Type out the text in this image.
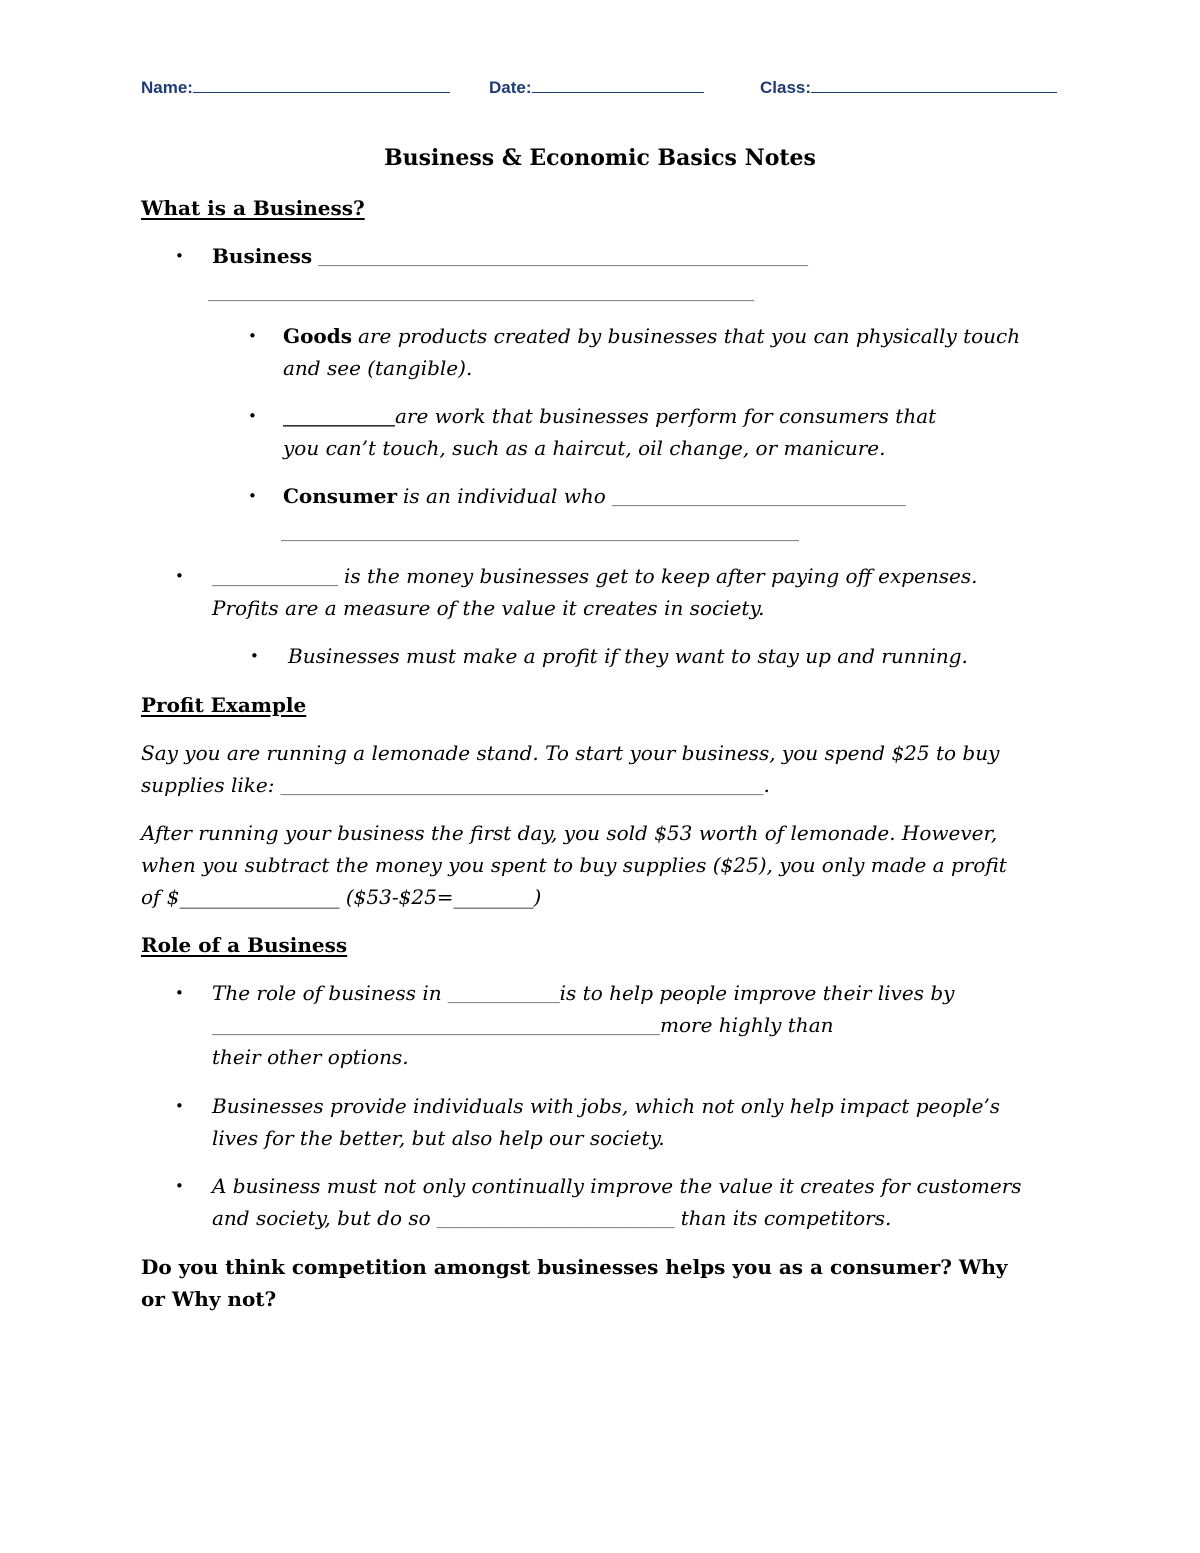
Name:	Date:	Class:
Business & Economic Basics Notes
What is a Business?
• Business ______________________________________________________________________
______________________________________________________________________________
• Goods are products created by businesses that you can physically touch
and see (tangible).
• ________________are work that businesses perform for consumers that
you can’t touch, such as a haircut, oil change, or manicure.
• Consumer is an individual who __________________________________________
__________________________________________________________________________
• __________________ is the money businesses get to keep after paying off expenses.
Profits are a measure of the value it creates in society.
• Businesses must make a profit if they want to stay up and running.
Profit Example
Say you are running a lemonade stand. To start your business, you spend $25 to buy
supplies like: _____________________________________________________________________.
After running your business the first day, you sold $53 worth of lemonade. However,
when you subtract the money you spent to buy supplies ($25), you only made a profit
of $________________ ($53-$25=________)
Role of a Business
• The role of business in ________________is to help people improve their lives by
________________________________________________________________more highly than
their other options.
• Businesses provide individuals with jobs, which not only help impact people’s
lives for the better, but also help our society.
• A business must not only continually improve the value it creates for customers
and society, but do so __________________________________ than its competitors.
Do you think competition amongst businesses helps you as a consumer? Why
or Why not?
